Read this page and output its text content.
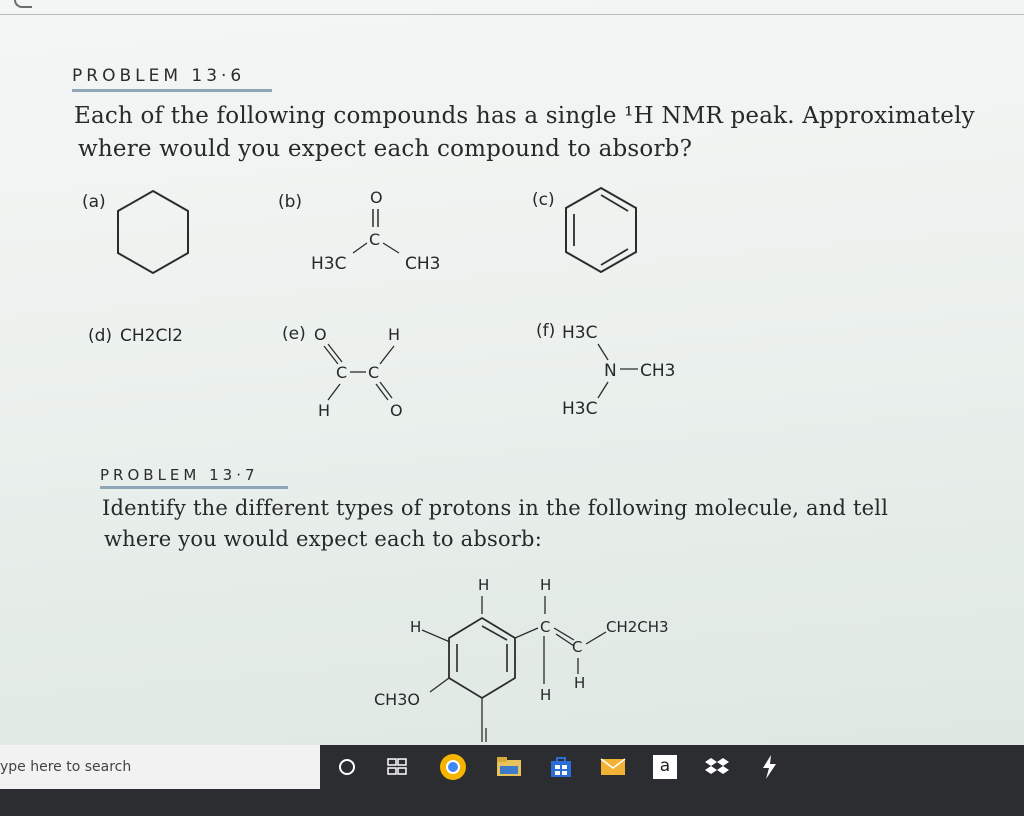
PROBLEM 13·6
Each of the following compounds has a single ¹H NMR peak. Approximately
where would you expect each compound to absorb?
(a)	(b)	(c)
O
C
H3C	CH3
(d) CH2Cl2	(e) O	H
C C
H	O
(f) H3C
N CH3
H3C
PROBLEM 13·7
Identify the different types of protons in the following molecule, and tell
where you would expect each to absorb:
H	H
H	C
C
CH2CH3
H
H
CH3O
ype here to search	a
